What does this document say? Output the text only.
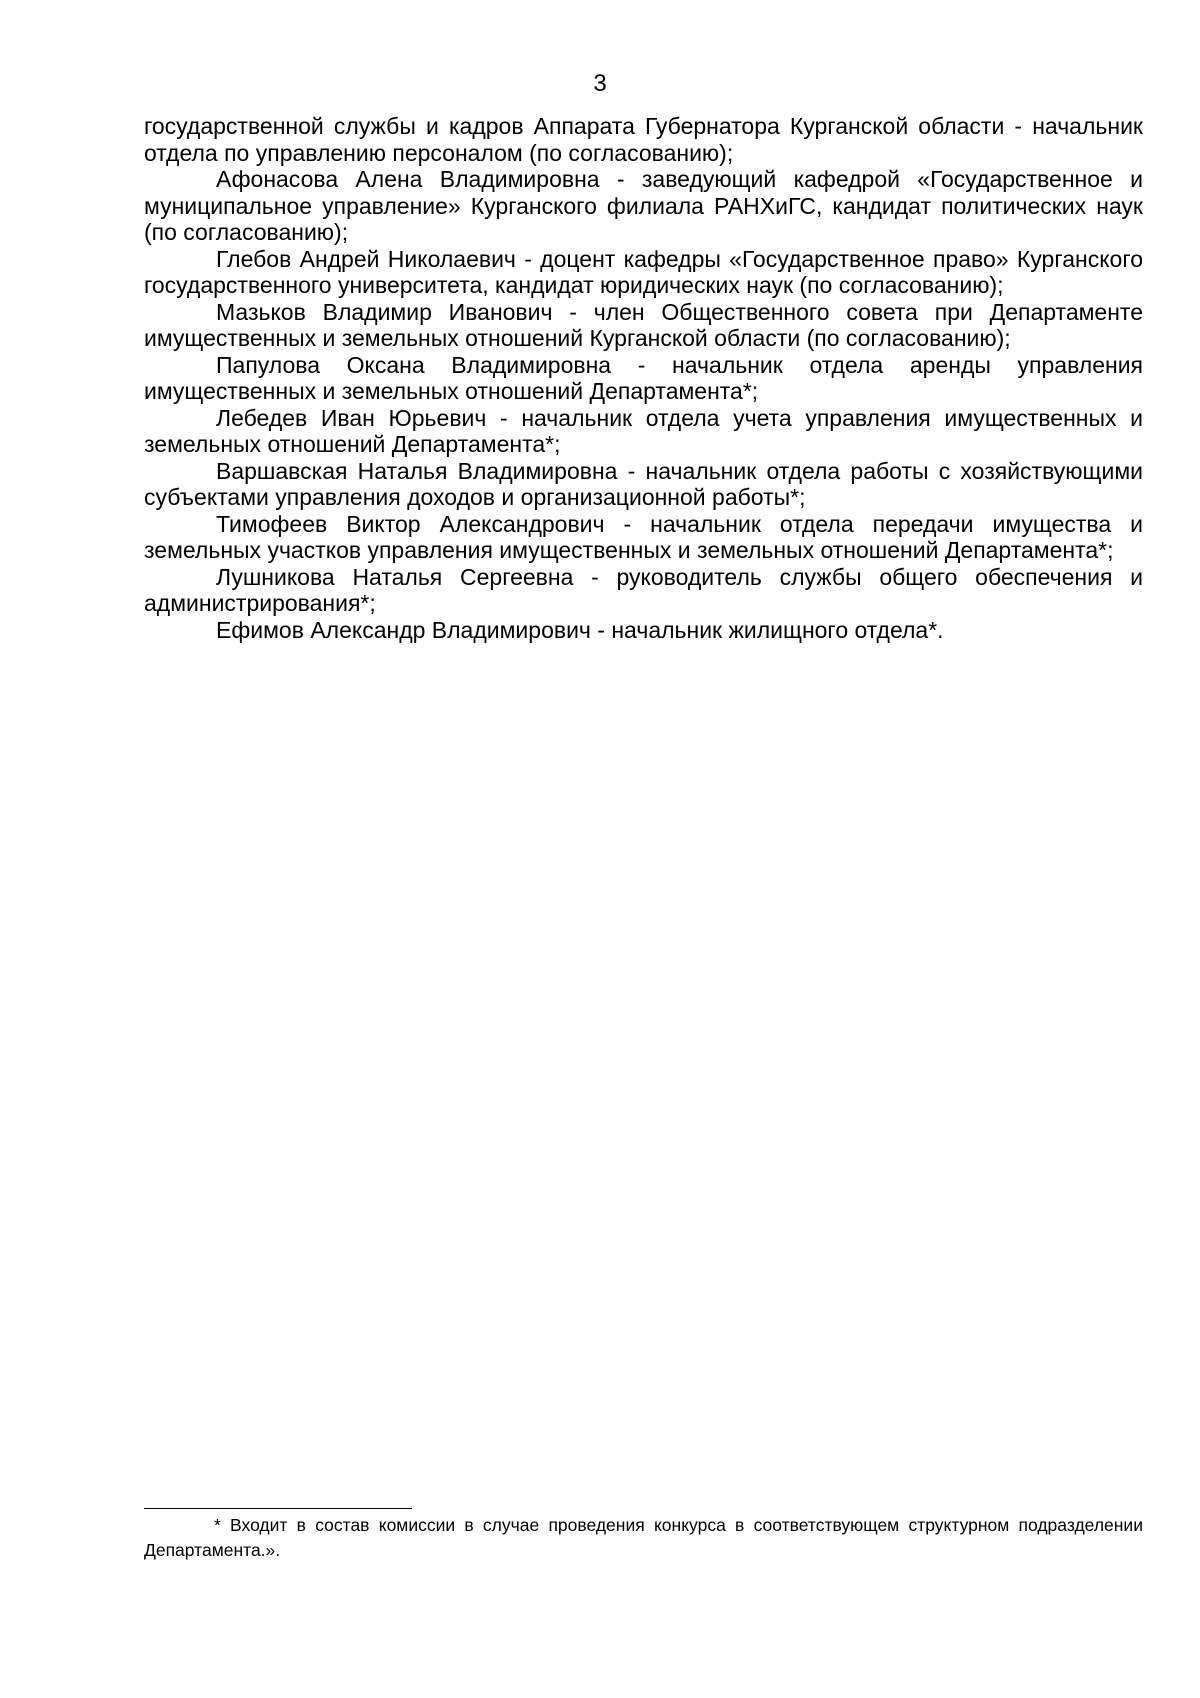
3

государственной службы и кадров Аппарата Губернатора Курганской области - начальник отдела по управлению персоналом (по согласованию);

Афонасова Алена Владимировна - заведующий кафедрой «Государственное и муниципальное управление» Курганского филиала РАНХиГС, кандидат политических наук (по согласованию);

Глебов Андрей Николаевич - доцент кафедры «Государственное право» Курганского государственного университета, кандидат юридических наук (по согласованию);

Мазьков Владимир Иванович - член Общественного совета при Департаменте имущественных и земельных отношений Курганской области (по согласованию);

Папулова Оксана Владимировна - начальник отдела аренды управления имущественных и земельных отношений Департамента*;

Лебедев Иван Юрьевич - начальник отдела учета управления имущественных и земельных отношений Департамента*;

Варшавская Наталья Владимировна - начальник отдела работы с хозяйствующими субъектами управления доходов и организационной работы*;

Тимофеев Виктор Александрович - начальник отдела передачи имущества и земельных участков управления имущественных и земельных отношений Департамента*;

Лушникова Наталья Сергеевна - руководитель службы общего обеспечения и администрирования*;

Ефимов Александр Владимирович - начальник жилищного отдела*.

* Входит в состав комиссии в случае проведения конкурса в соответствующем структурном подразделении Департамента.».
